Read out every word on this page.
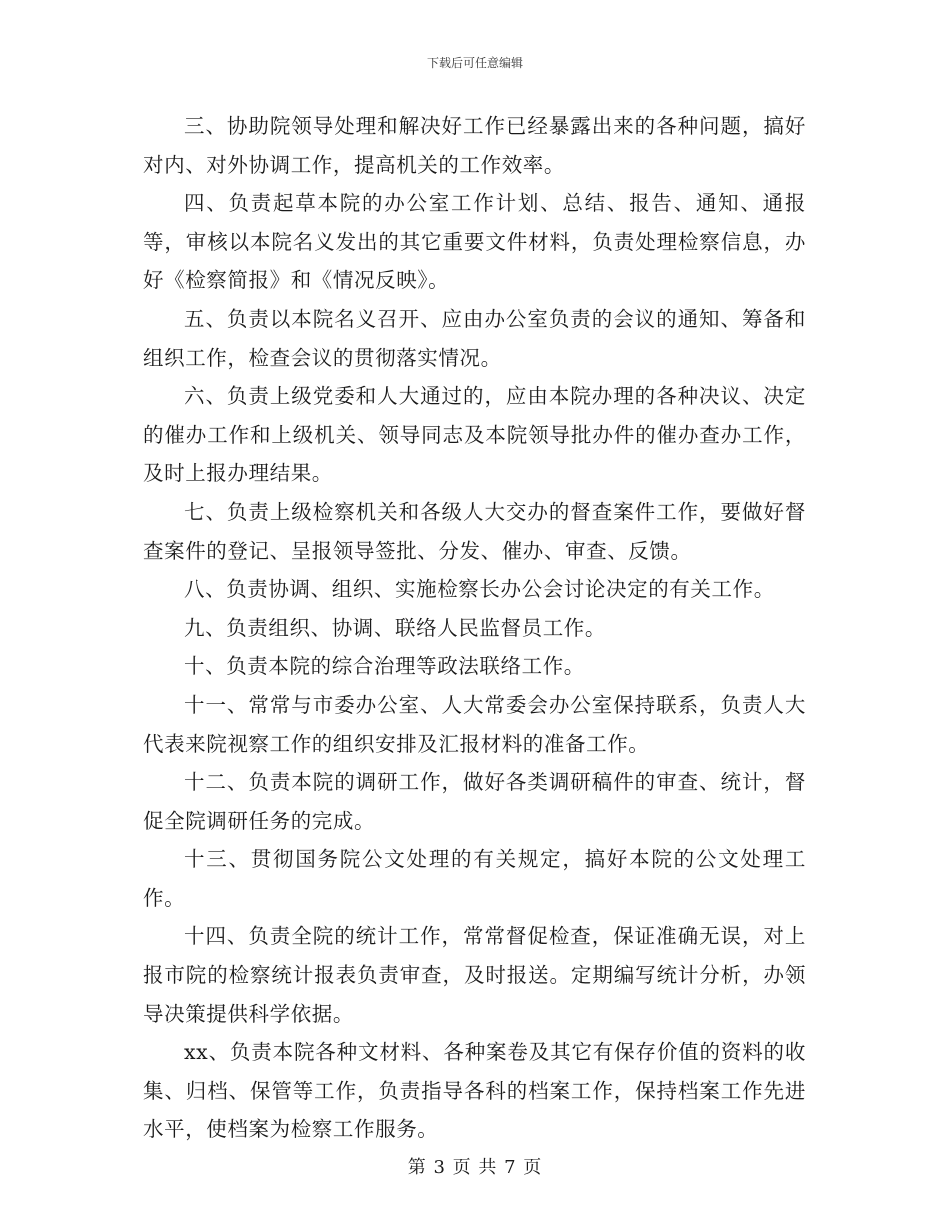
下载后可任意编辑

三、协助院领导处理和解决好工作已经暴露出来的各种问题，搞好对内、对外协调工作，提高机关的工作效率。

四、负责起草本院的办公室工作计划、总结、报告、通知、通报等，审核以本院名义发出的其它重要文件材料，负责处理检察信息，办好《检察简报》和《情况反映》。

五、负责以本院名义召开、应由办公室负责的会议的通知、筹备和组织工作，检查会议的贯彻落实情况。

六、负责上级党委和人大通过的，应由本院办理的各种决议、决定的催办工作和上级机关、领导同志及本院领导批办件的催办查办工作，及时上报办理结果。

七、负责上级检察机关和各级人大交办的督查案件工作，要做好督查案件的登记、呈报领导签批、分发、催办、审查、反馈。

八、负责协调、组织、实施检察长办公会讨论决定的有关工作。

九、负责组织、协调、联络人民监督员工作。

十、负责本院的综合治理等政法联络工作。

十一、常常与市委办公室、人大常委会办公室保持联系，负责人大代表来院视察工作的组织安排及汇报材料的准备工作。

十二、负责本院的调研工作，做好各类调研稿件的审查、统计，督促全院调研任务的完成。

十三、贯彻国务院公文处理的有关规定，搞好本院的公文处理工作。

十四、负责全院的统计工作，常常督促检查，保证准确无误，对上报市院的检察统计报表负责审查，及时报送。定期编写统计分析，办领导决策提供科学依据。

xx、负责本院各种文材料、各种案卷及其它有保存价值的资料的收集、归档、保管等工作，负责指导各科的档案工作，保持档案工作先进水平，使档案为检察工作服务。

第 3 页 共 7 页
